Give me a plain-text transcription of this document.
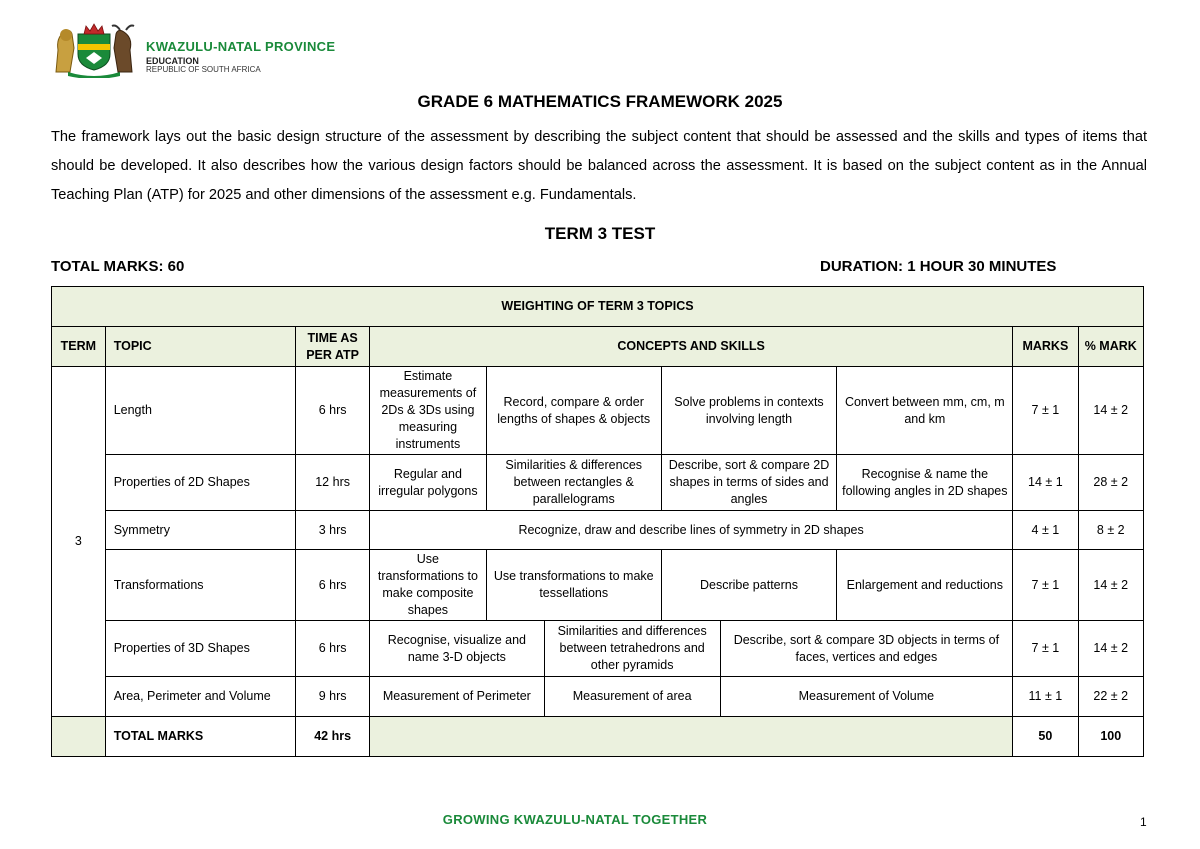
KWAZULU-NATAL PROVINCE
EDUCATION
REPUBLIC OF SOUTH AFRICA
GRADE 6 MATHEMATICS FRAMEWORK 2025
The framework lays out the basic design structure of the assessment by describing the subject content that should be assessed and the skills and types of items that should be developed. It also describes how the various design factors should be balanced across the assessment. It is based on the subject content as in the Annual Teaching Plan (ATP) for 2025 and other dimensions of the assessment e.g. Fundamentals.
TERM 3 TEST
TOTAL MARKS: 60	DURATION: 1 HOUR 30 MINUTES
WEIGHTING OF TERM 3 TOPICS										
TERM	TOPIC	TIME AS PER ATP	CONCEPTS AND SKILLS						MARKS	% MARK
3	Length	6 hrs	Estimate measurements of 2Ds & 3Ds using measuring instruments	Record, compare & order lengths of shapes & objects		Solve problems in contexts involving length		Convert between mm, cm, m and km	7 ± 1	14 ± 2
	Properties of 2D Shapes	12 hrs	Regular and irregular polygons	Similarities & differences between rectangles & parallelograms		Describe, sort & compare 2D shapes in terms of sides and angles		Recognise & name the following angles in 2D shapes	14 ± 1	28 ± 2
	Symmetry	3 hrs	Recognize, draw and describe lines of symmetry in 2D shapes						4 ± 1	8 ± 2
	Transformations	6 hrs	Use transformations to make composite shapes	Use transformations to make tessellations		Describe patterns		Enlargement and reductions	7 ± 1	14 ± 2
	Properties of 3D Shapes	6 hrs	Recognise, visualize and name 3-D objects		Similarities and differences between tetrahedrons and other pyramids		Describe, sort & compare 3D objects in terms of faces, vertices and edges		7 ± 1	14 ± 2
	Area, Perimeter and Volume	9 hrs	Measurement of Perimeter		Measurement of area		Measurement of Volume		11 ± 1	22 ± 2
	TOTAL MARKS	42 hrs							50	100
GROWING KWAZULU-NATAL TOGETHER	1
